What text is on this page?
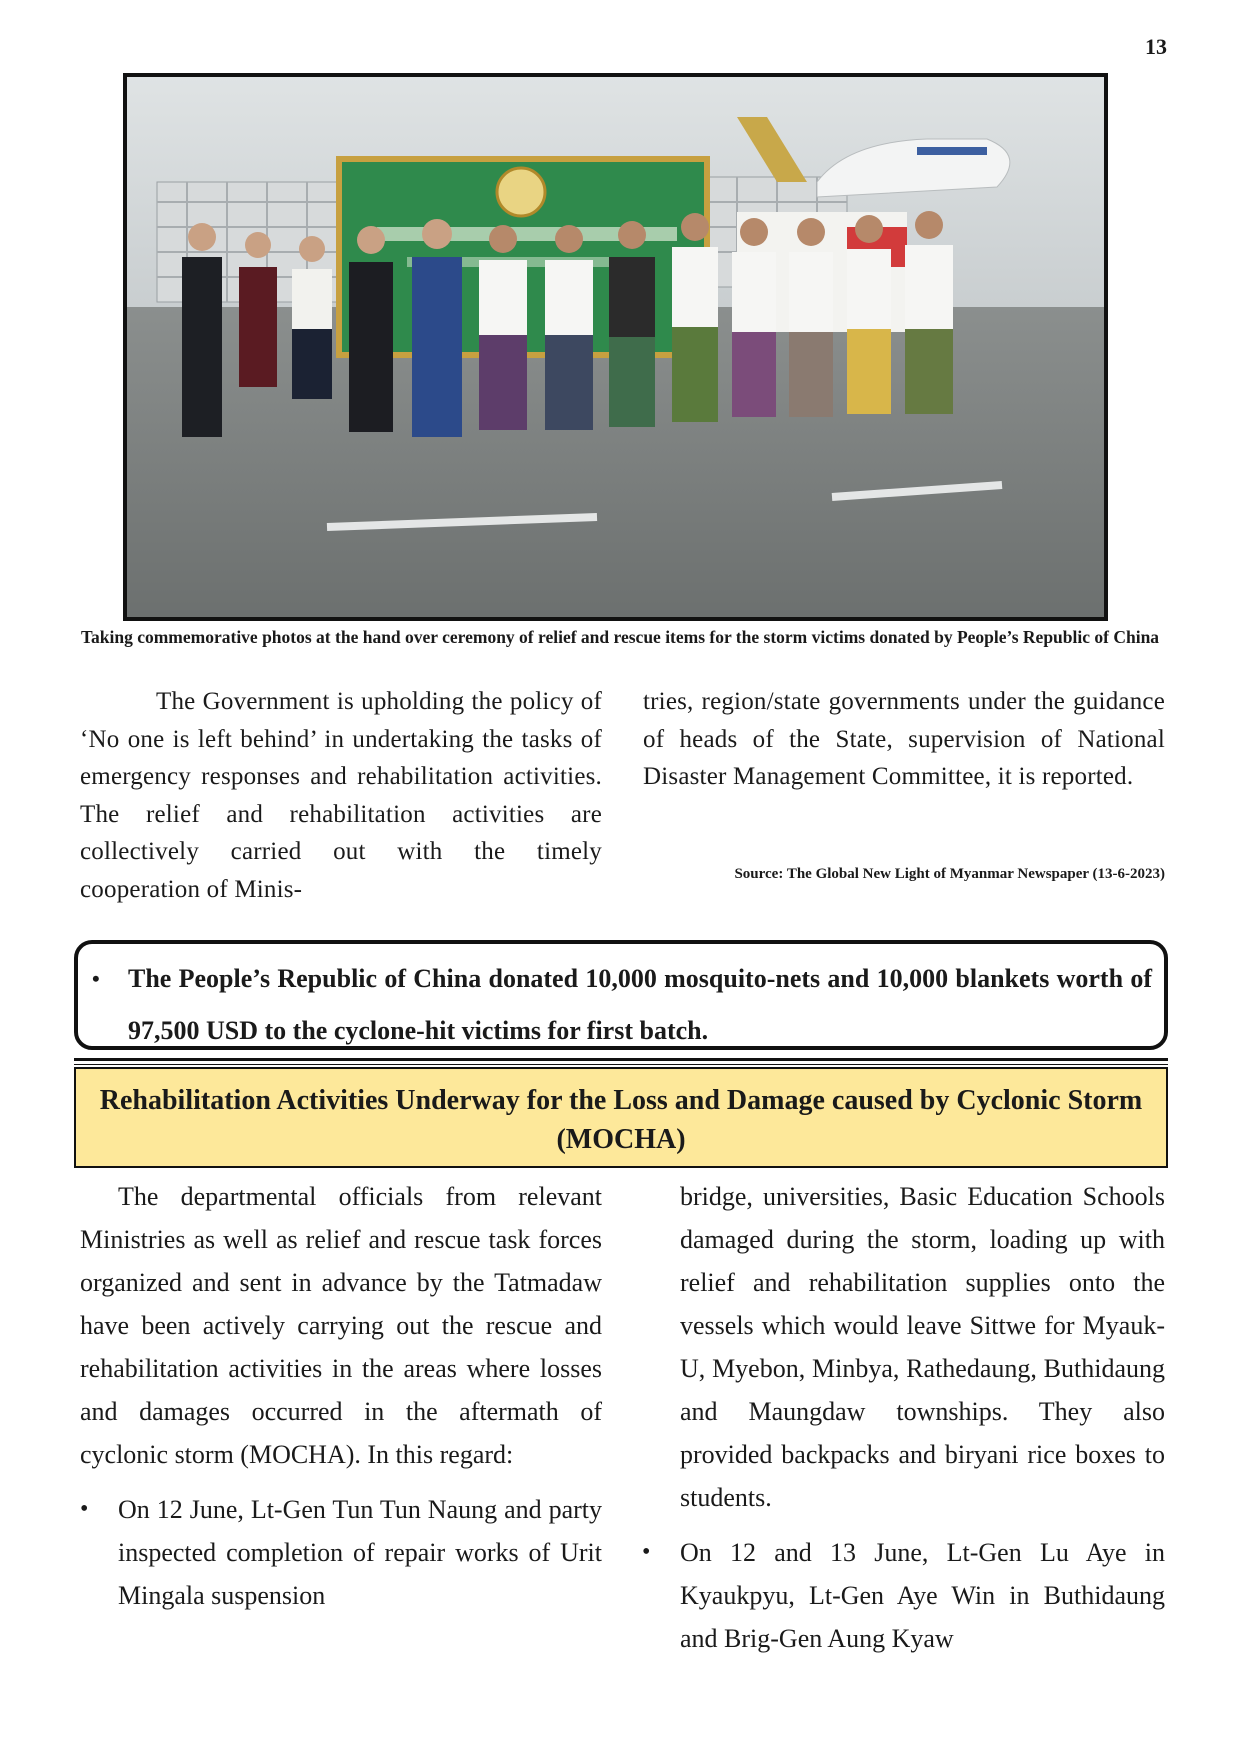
13
Taking commemorative photos at the hand over ceremony of relief and rescue items for the storm victims donated by People’s Republic of China

The Government is upholding the policy of ‘No one is left behind’ in undertaking the tasks of emergency responses and rehabilitation activities. The relief and rehabilitation activities are collectively carried out with the timely cooperation of Minis-

tries, region/state governments under the guidance of heads of the State, supervision of National Disaster Management Committee, it is reported.

Source: The Global New Light of Myanmar Newspaper (13-6-2023)
• The People’s Republic of China donated 10,000 mosquito-nets and 10,000 blankets worth of 97,500 USD to the cyclone-hit victims for first batch.
Rehabilitation Activities Underway for the Loss and Damage caused by Cyclonic Storm (MOCHA)

The departmental officials from relevant Ministries as well as relief and rescue task forces organized and sent in advance by the Tatmadaw have been actively carrying out the rescue and rehabilitation activities in the areas where losses and damages occurred in the aftermath of cyclonic storm (MOCHA). In this regard:

• On 12 June, Lt-Gen Tun Tun Naung and party inspected completion of repair works of Urit Mingala suspension

bridge, universities, Basic Education Schools damaged during the storm, loading up with relief and rehabilitation supplies onto the vessels which would leave Sittwe for Myauk-U, Myebon, Minbya, Rathedaung, Buthidaung and Maungdaw townships. They also provided backpacks and biryani rice boxes to students.

• On 12 and 13 June, Lt-Gen Lu Aye in Kyaukpyu, Lt-Gen Aye Win in Buthidaung and Brig-Gen Aung Kyaw
